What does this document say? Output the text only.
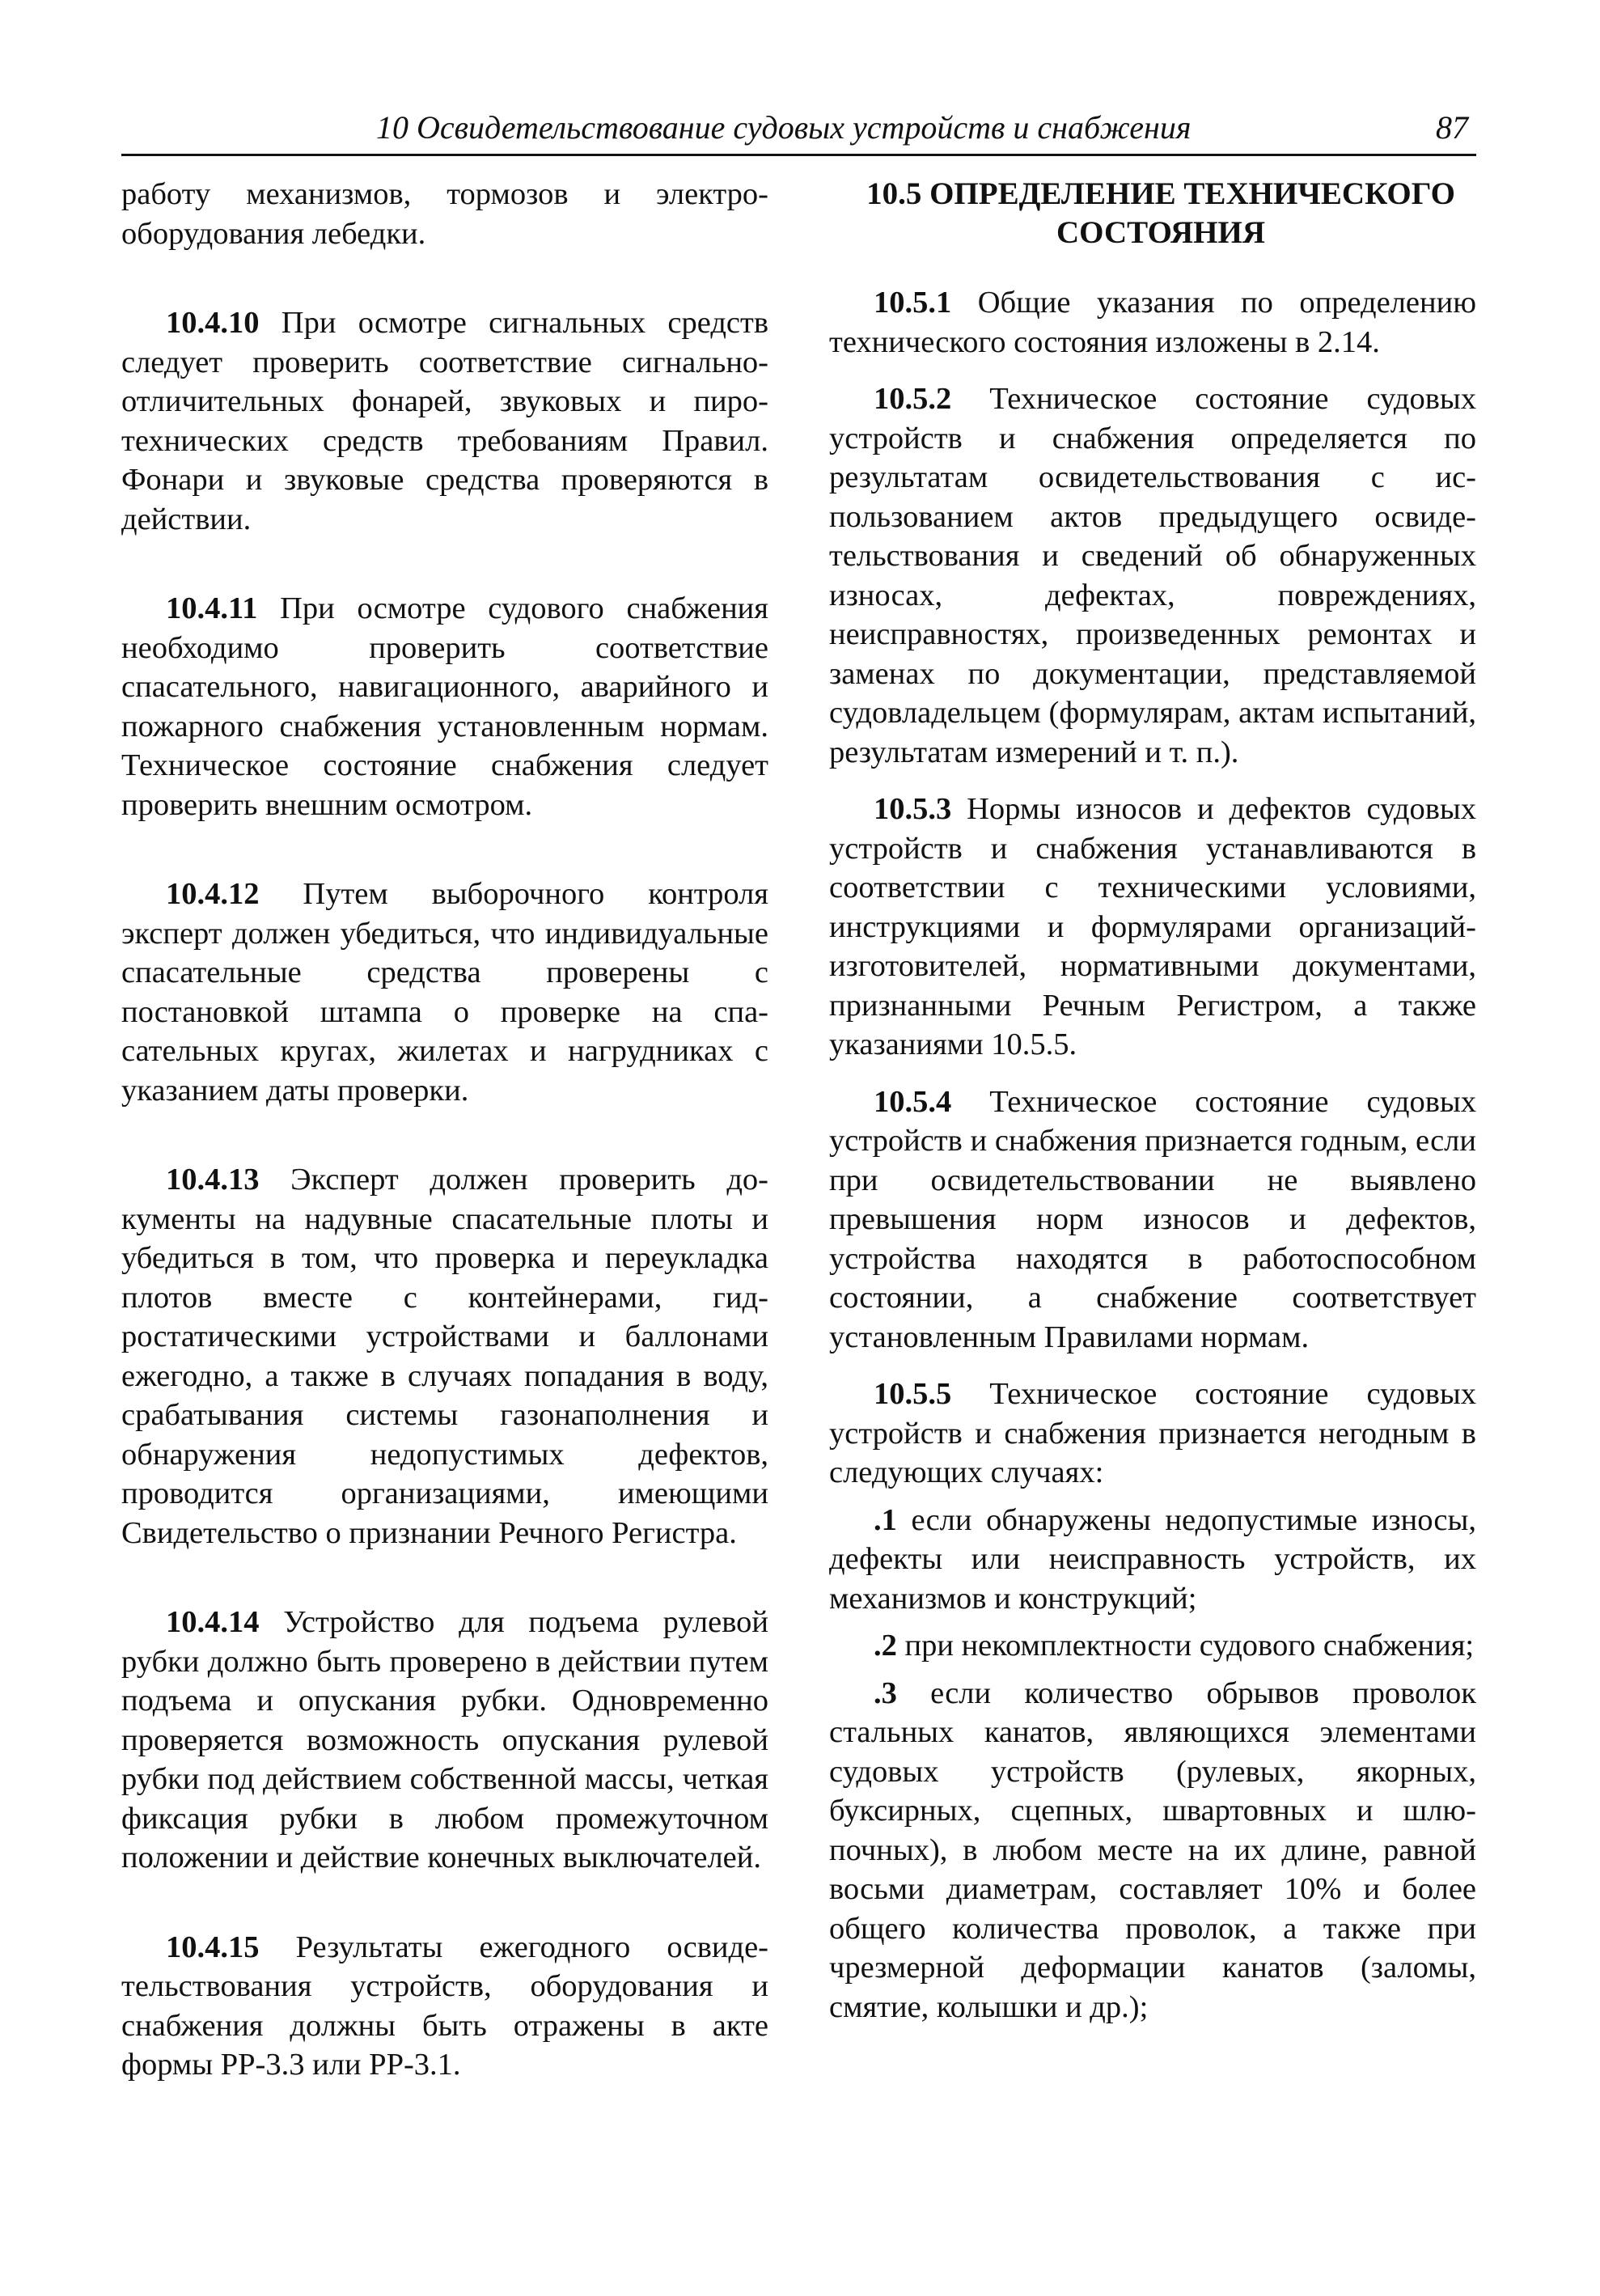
10 Освидетельствование судовых устройств и снабжения	87

работу механизмов, тормозов и электрооборудования лебедки.

10.4.10 При осмотре сигнальных средств следует проверить соответствие сигнально-отличительных фонарей, звуковых и пиротехнических средств требованиям Правил. Фонари и звуковые средства проверяются в действии.

10.4.11 При осмотре судового снабжения необходимо проверить соответствие спасательного, навигационного, аварийного и пожарного снабжения установленным нормам. Техническое состояние снабжения следует проверить внешним осмотром.

10.4.12 Путем выборочного контроля эксперт должен убедиться, что индивидуальные спасательные средства проверены с постановкой штампа о проверке на спасательных кругах, жилетах и нагрудниках с указанием даты проверки.

10.4.13 Эксперт должен проверить документы на надувные спасательные плоты и убедиться в том, что проверка и переукладка плотов вместе с контейнерами, гидростатическими устройствами и баллонами ежегодно, а также в случаях попадания в воду, срабатывания системы газонаполнения и обнаружения недопустимых дефектов, проводится организациями, имеющими Свидетельство о признании Речного Регистра.

10.4.14 Устройство для подъема рулевой рубки должно быть проверено в действии путем подъема и опускания рубки. Одновременно проверяется возможность опускания рулевой рубки под действием собственной массы, четкая фиксация рубки в любом промежуточном положении и действие конечных выключателей.

10.4.15 Результаты ежегодного освидетельствования устройств, оборудования и снабжения должны быть отражены в акте формы РР-3.3 или РР-3.1.

10.5 ОПРЕДЕЛЕНИЕ ТЕХНИЧЕСКОГО
СОСТОЯНИЯ

10.5.1 Общие указания по определению технического состояния изложены в 2.14.

10.5.2 Техническое состояние судовых устройств и снабжения определяется по результатам освидетельствования с использованием актов предыдущего освидетельствования и сведений об обнаруженных износах, дефектах, повреждениях, неисправностях, произведенных ремонтах и заменах по документации, представляемой судовладельцем (формулярам, актам испытаний, результатам измерений и т. п.).

10.5.3 Нормы износов и дефектов судовых устройств и снабжения устанавливаются в соответствии с техническими условиями, инструкциями и формулярами организаций-изготовителей, нормативными документами, признанными Речным Регистром, а также указаниями 10.5.5.

10.5.4 Техническое состояние судовых устройств и снабжения признается годным, если при освидетельствовании не выявлено превышения норм износов и дефектов, устройства находятся в работоспособном состоянии, а снабжение соответствует установленным Правилами нормам.

10.5.5 Техническое состояние судовых устройств и снабжения признается негодным в следующих случаях:

.1 если обнаружены недопустимые износы, дефекты или неисправность устройств, их механизмов и конструкций;

.2 при некомплектности судового снабжения;

.3 если количество обрывов проволок стальных канатов, являющихся элементами судовых устройств (рулевых, якорных, буксирных, сцепных, швартовных и шлюпочных), в любом месте на их длине, равной восьми диаметрам, составляет 10% и более общего количества проволок, а также при чрезмерной деформации канатов (заломы, смятие, колышки и др.);
